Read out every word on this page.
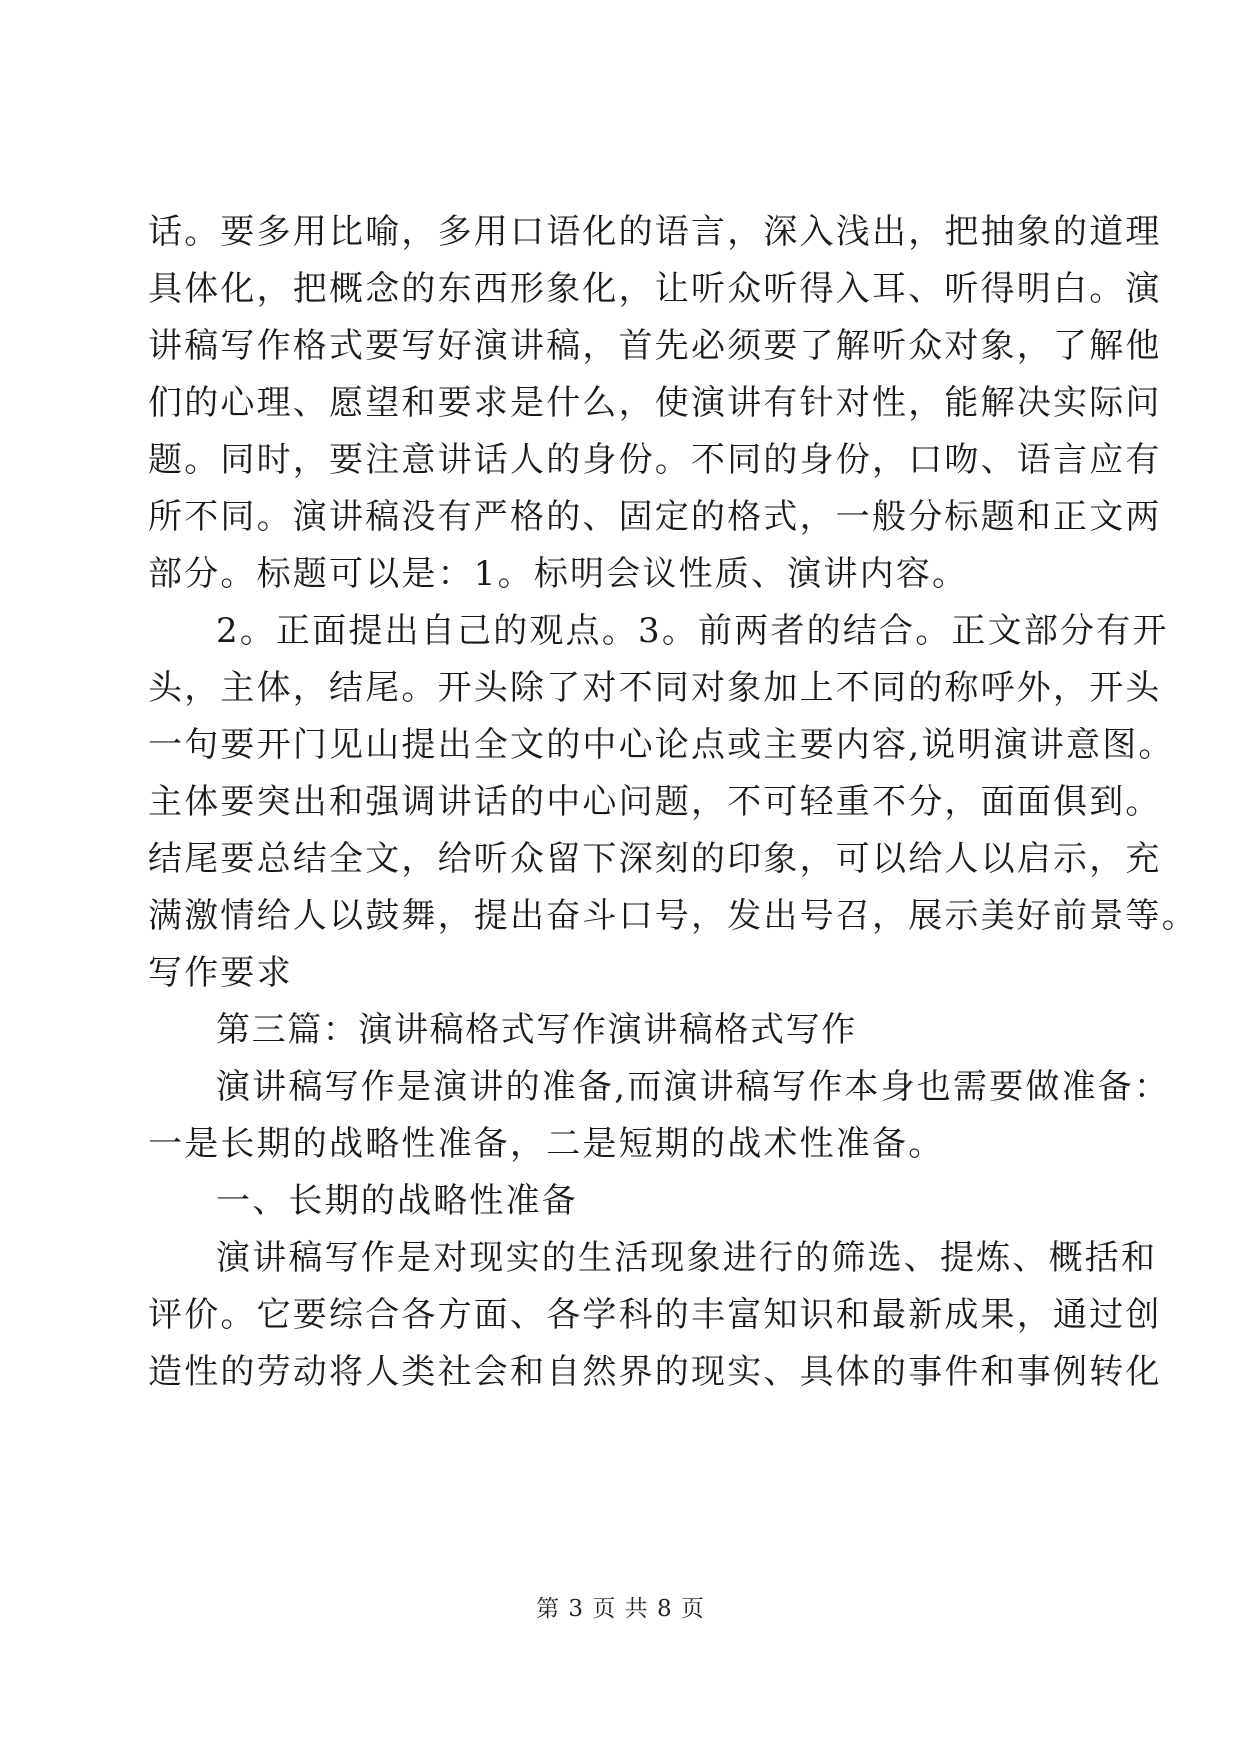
话。要多用比喻，多用口语化的语言，深入浅出，把抽象的道理
具体化，把概念的东西形象化，让听众听得入耳、听得明白。演
讲稿写作格式要写好演讲稿，首先必须要了解听众对象，了解他
们的心理、愿望和要求是什么，使演讲有针对性，能解决实际问
题。同时，要注意讲话人的身份。不同的身份，口吻、语言应有
所不同。演讲稿没有严格的、固定的格式，一般分标题和正文两
部分。标题可以是：1。标明会议性质、演讲内容。
2。正面提出自己的观点。3。前两者的结合。正文部分有开
头，主体，结尾。开头除了对不同对象加上不同的称呼外，开头
一句要开门见山提出全文的中心论点或主要内容,说明演讲意图。
主体要突出和强调讲话的中心问题，不可轻重不分，面面俱到。
结尾要总结全文，给听众留下深刻的印象，可以给人以启示，充
满激情给人以鼓舞，提出奋斗口号，发出号召，展示美好前景等。
写作要求
第三篇：演讲稿格式写作演讲稿格式写作
演讲稿写作是演讲的准备,而演讲稿写作本身也需要做准备：
一是长期的战略性准备，二是短期的战术性准备。
一、长期的战略性准备
演讲稿写作是对现实的生活现象进行的筛选、提炼、概括和
评价。它要综合各方面、各学科的丰富知识和最新成果，通过创
造性的劳动将人类社会和自然界的现实、具体的事件和事例转化
第 3 页 共 8 页
